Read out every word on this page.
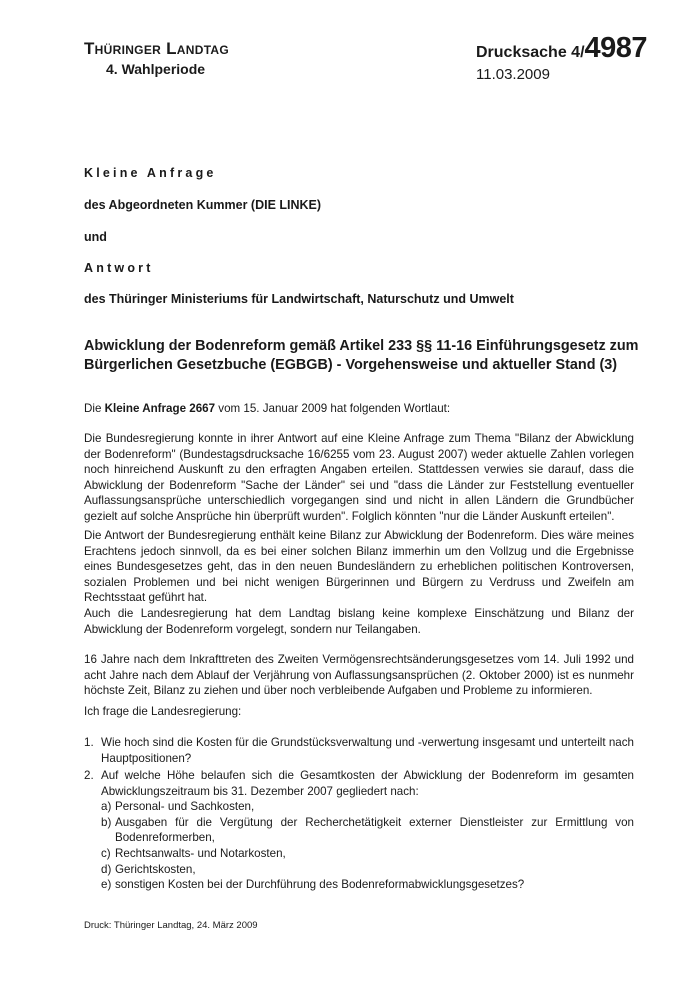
Thüringer Landtag
4. Wahlperiode
Drucksache 4/4987
11.03.2009
Kleine Anfrage
des Abgeordneten Kummer (DIE LINKE)
und
Antwort
des Thüringer Ministeriums für Landwirtschaft, Naturschutz und Umwelt
Abwicklung der Bodenreform gemäß Artikel 233 §§ 11-16 Einführungsgesetz zum Bürgerlichen Gesetzbuche (EGBGB) - Vorgehensweise und aktueller Stand (3)
Die Kleine Anfrage 2667 vom 15. Januar 2009 hat folgenden Wortlaut:
Die Bundesregierung konnte in ihrer Antwort auf eine Kleine Anfrage zum Thema "Bilanz der Abwicklung der Bodenreform" (Bundestagsdrucksache 16/6255 vom 23. August 2007) weder aktuelle Zahlen vorlegen noch hinreichend Auskunft zu den erfragten Angaben erteilen. Stattdessen verwies sie darauf, dass die Abwicklung der Bodenreform "Sache der Länder" sei und "dass die Länder zur Feststellung eventueller Auflassungsansprüche unterschiedlich vorgegangen sind und nicht in allen Ländern die Grundbücher gezielt auf solche Ansprüche hin überprüft wurden". Folglich könnten "nur die Länder Auskunft erteilen".
Die Antwort der Bundesregierung enthält keine Bilanz zur Abwicklung der Bodenreform. Dies wäre meines Erachtens jedoch sinnvoll, da es bei einer solchen Bilanz immerhin um den Vollzug und die Ergebnisse eines Bundesgesetzes geht, das in den neuen Bundesländern zu erheblichen politischen Kontroversen, sozialen Problemen und bei nicht wenigen Bürgerinnen und Bürgern zu Verdruss und Zweifeln am Rechtsstaat geführt hat.
Auch die Landesregierung hat dem Landtag bislang keine komplexe Einschätzung und Bilanz der Abwicklung der Bodenreform vorgelegt, sondern nur Teilangaben.
16 Jahre nach dem Inkrafttreten des Zweiten Vermögensrechtsänderungsgesetzes vom 14. Juli 1992 und acht Jahre nach dem Ablauf der Verjährung von Auflassungsansprüchen (2. Oktober 2000) ist es nunmehr höchste Zeit, Bilanz zu ziehen und über noch verbleibende Aufgaben und Probleme zu informieren.
Ich frage die Landesregierung:
1. Wie hoch sind die Kosten für die Grundstücksverwaltung und -verwertung insgesamt und unterteilt nach Hauptpositionen?
2. Auf welche Höhe belaufen sich die Gesamtkosten der Abwicklung der Bodenreform im gesamten Abwicklungszeitraum bis 31. Dezember 2007 gegliedert nach:
a) Personal- und Sachkosten,
b) Ausgaben für die Vergütung der Recherchetätigkeit externer Dienstleister zur Ermittlung von Bodenreformerben,
c) Rechtsanwalts- und Notarkosten,
d) Gerichtskosten,
e) sonstigen Kosten bei der Durchführung des Bodenreformabwicklungsgesetzes?
Druck: Thüringer Landtag, 24. März 2009
